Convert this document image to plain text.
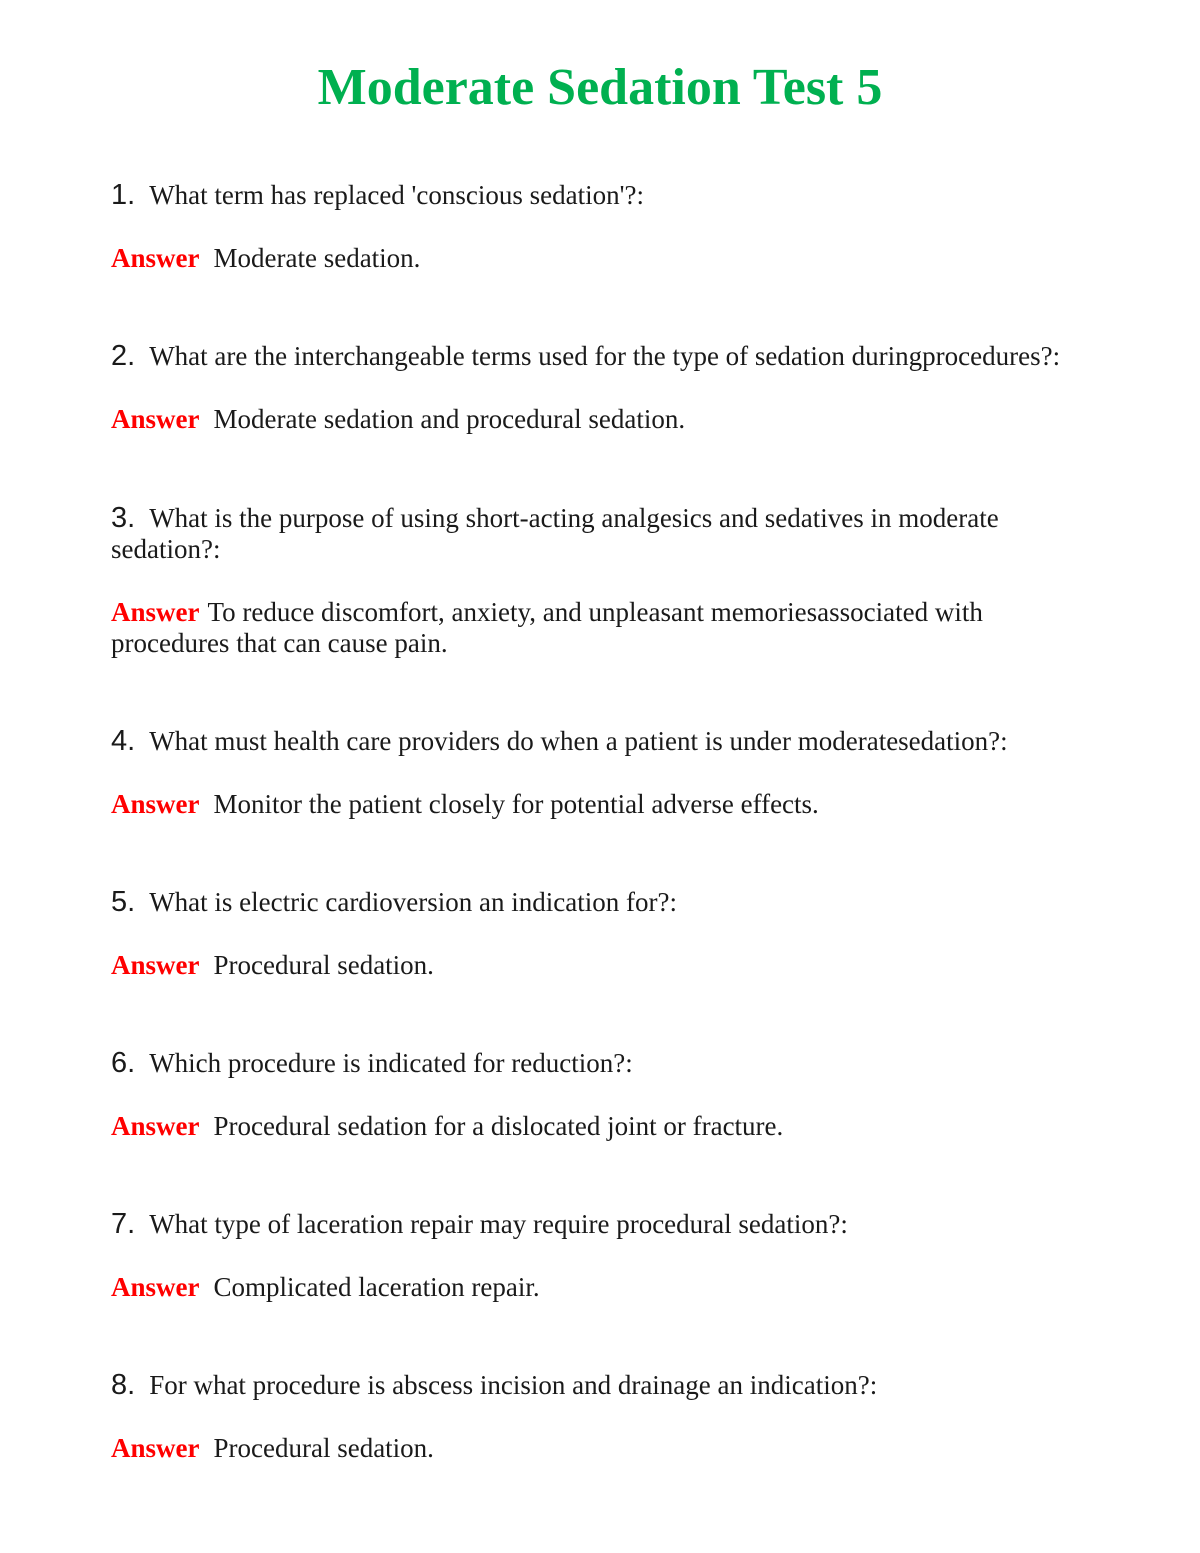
Moderate Sedation Test 5

1. What term has replaced 'conscious sedation'?:

Answer Moderate sedation.

2. What are the interchangeable terms used for the type of sedation duringprocedures?:

Answer Moderate sedation and procedural sedation.

3. What is the purpose of using short-acting analgesics and sedatives in moderate sedation?:

Answer To reduce discomfort, anxiety, and unpleasant memoriesassociated with procedures that can cause pain.

4. What must health care providers do when a patient is under moderatesedation?:

Answer Monitor the patient closely for potential adverse effects.

5. What is electric cardioversion an indication for?:

Answer Procedural sedation.

6. Which procedure is indicated for reduction?:

Answer Procedural sedation for a dislocated joint or fracture.

7. What type of laceration repair may require procedural sedation?:

Answer Complicated laceration repair.

8. For what procedure is abscess incision and drainage an indication?:

Answer Procedural sedation.
